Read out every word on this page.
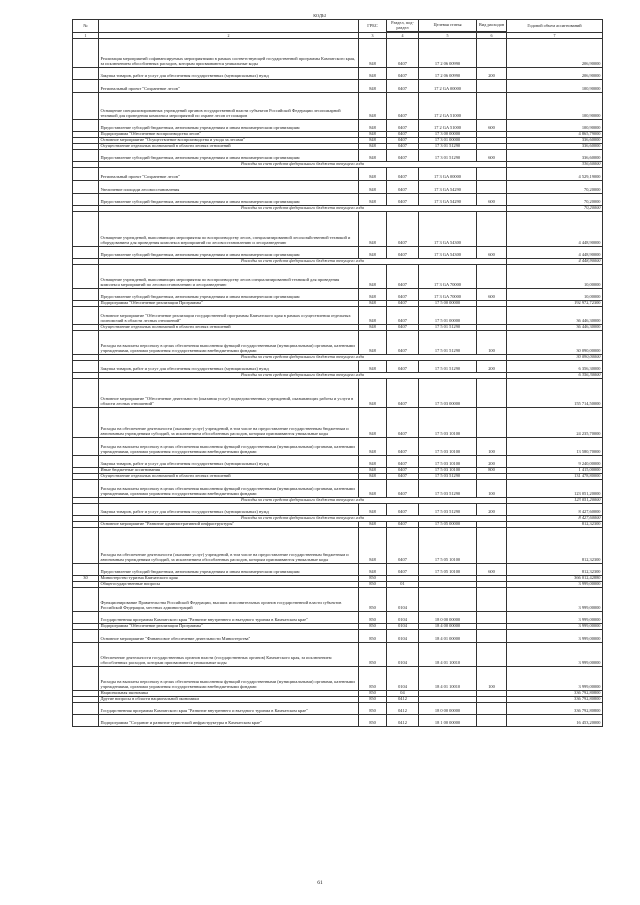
КОДЫ
№		ГРБС	Раздел, под-раздел	Целевая статья	Вид расходов	Годовой объем ассигнований

1	2	3	4	5	6	7
	Реализация мероприятий софинансируемых мероприятиями в рамках соответствующей государственной программы Камчатского края, за исключением обособленных расходов, которым присваиваются уникальные коды	848	0407	17 2 06 00990		206,90000
	Закупка товаров, работ и услуг для обеспечения государственных (муниципальных) нужд	848	0407	17 2 06 00990	200	206,90000
	Региональный проект "Сохранение лесов"	848	0407	17 2 GA 00000		100,90000
	Оснащение специализированных учреждений органов государственной власти субъектов Российской Федерации лесопожарной техникой для проведения комплекса мероприятий по охране лесов от пожаров	848	0407	17 2 GA 51000		100,90000
	Предоставление субсидий бюджетным, автономным учреждениям и иным некоммерческим организациям	848	0407	17 2 GA 51000	600	100,90000
	Подпрограмма "Обеспечение воспроизводства лесов"	848	0407	17 3 00 00000		4 865,79000
	Основное мероприятие "Осуществление воспроизводства и ухода за лесами"	848	0407	17 3 01 00000		336,60000
	Осуществление отдельных полномочий в области лесных отношений	848	0407	17 3 01 51290		336,60000
	Предоставление субсидий бюджетным, автономным учреждениям и иным некоммерческим организациям	848	0407	17 3 01 51290	600	336,60000
	Расходы за счет средств федерального бюджета текущего года					336,60000
	Региональный проект "Сохранение лесов"	848	0407	17 3 GA 00000		4 529,19000
	Увеличение площади лесовосстановления	848	0407	17 3 GA 54290		70,20000
	Предоставление субсидий бюджетным, автономным учреждениям и иным некоммерческим организациям	848	0407	17 3 GA 54290	600	70,20000
	Расходы за счет средств федерального бюджета текущего года					70,20000
	Оснащение учреждений, выполняющих мероприятия по воспроизводству лесов, специализированной лесохозяйственной техникой и оборудованием для проведения комплекса мероприятий по лесовосстановлению и лесоразведению	848	0407	17 3 GA 54300		4 448,90000
	Предоставление субсидий бюджетным, автономным учреждениям и иным некоммерческим организациям	848	0407	17 3 GA 54300	600	4 448,90000
	Расходы за счет средств федерального бюджета текущего года					4 448,90000
	Оснащение учреждений, выполняющих мероприятия по воспроизводству лесов специализированной техникой для проведения комплекса мероприятий по лесовосстановлению и лесоразведению	848	0407	17 3 GA 70000		10,00000
	Предоставление субсидий бюджетным, автономным учреждениям и иным некоммерческим организациям	848	0407	17 3 GA 70000	600	10,00000
	Подпрограмма "Обеспечение реализации Программы"	848	0407	17 5 00 00000		192 972,72300
	Основное мероприятие "Обеспечение реализации государственной программы Камчатского края в рамках осуществления отдельных полномочий в области лесных отношений"	848	0407	17 5 01 00000		36 446,30000
	Осуществление отдельных полномочий в области лесных отношений	848	0407	17 5 01 51290		36 446,30000
	Расходы на выплаты персоналу в целях обеспечения выполнения функций государственными (муниципальными) органами, казенными учреждениями, органами управления государственными внебюджетными фондами	848	0407	17 5 01 51290	100	30 090,00000
	Расходы за счет средств федерального бюджета текущего года					30 090,00000
	Закупка товаров, работ и услуг для обеспечения государственных (муниципальных) нужд	848	0407	17 5 01 51290	200	6 356,30000
	Расходы за счет средств федерального бюджета текущего года					6 356,30000
	Основное мероприятие "Обеспечение деятельности (оказания услуг) подведомственных учреждений, оказывающих работы и услуги в области лесных отношений"	848	0407	17 5 03 00000		155 714,50000
	Расходы на обеспечение деятельности (оказание услуг) учреждений, в том числе на предоставление государственным бюджетным и автономным учреждениям субсидий, за исключением обособленных расходов, которым присваиваются уникальные коды	848	0407	17 5 03 10100		24 235,70000
	Расходы на выплаты персоналу в целях обеспечения выполнения функций государственными (муниципальными) органами, казенными учреждениями, органами управления государственными внебюджетными фондами	848	0407	17 5 03 10100	100	13 580,70000
	Закупка товаров, работ и услуг для обеспечения государственных (муниципальных) нужд	848	0407	17 5 03 10100	200	9 240,00000
	Иные бюджетные ассигнования	848	0407	17 5 03 10100	800	1 415,00000
	Осуществление отдельных полномочий в области лесных отношений	848	0407	17 5 03 51290		131 478,80000
	Расходы на выплаты персоналу в целях обеспечения выполнения функций государственными (муниципальными) органами, казенными учреждениями, органами управления государственными внебюджетными фондами	848	0407	17 5 03 51290	100	123 051,20000
	Расходы за счет средств федерального бюджета текущего года					123 051,20000
	Закупка товаров, работ и услуг для обеспечения государственных (муниципальных) нужд	848	0407	17 5 03 51290	200	8 427,60000
	Расходы за счет средств федерального бюджета текущего года					8 427,60000
	Основное мероприятие "Развитие административной инфраструктуры"	848	0407	17 5 05 00000		812,32300
	Расходы на обеспечение деятельности (оказание услуг) учреждений, в том числе на предоставление государственным бюджетным и автономным учреждениям субсидий, за исключением обособленных расходов, которым присваиваются уникальные коды	848	0407	17 5 05 10100		812,32300
	Предоставление субсидий бюджетным, автономным учреждениям и иным некоммерческим организациям	848	0407	17 5 05 10100	600	812,32300
30	Министерство туризма Камчатского края	850				366 012,42880
	Общегосударственные вопросы	850	01			3 999,00000
	Функционирование Правительства Российской Федерации, высших исполнительных органов государственной власти субъектов Российской Федерации, местных администраций	850	0104			3 999,00000
	Государственная программа Камчатского края "Развитие внутреннего и въездного туризма в Камчатском крае"	850	0104	18 0 00 00000		3 999,00000
	Подпрограмма "Обеспечение реализации Программы"	850	0104	18 4 00 00000		3 999,00000
	Основное мероприятие "Финансовое обеспечение деятельности Министерства"	850	0104	18 4 01 00000		3 999,00000
	Обеспечение деятельности государственных органов власти (государственных органов) Камчатского края, за исключением обособленных расходов, которым присваиваются уникальные коды	850	0104	18 4 01 10010		3 999,00000
	Расходы на выплаты персоналу в целях обеспечения выполнения функций государственными (муниципальными) органами, казенными учреждениями, органами управления государственными внебюджетными фондами	850	0104	18 4 01 10010	100	3 999,00000
	Национальная экономика	850	04			336 792,80800
	Другие вопросы в области национальной экономики	850	0412			336 792,80800
	Государственная программа Камчатского края "Развитие внутреннего и въездного туризма в Камчатском крае"	850	0412	18 0 00 00000		336 792,80800
	Подпрограмма "Создание и развитие туристской инфраструктуры в Камчатском крае"	850	0412	18 1 00 00000		16 453,20000
61
